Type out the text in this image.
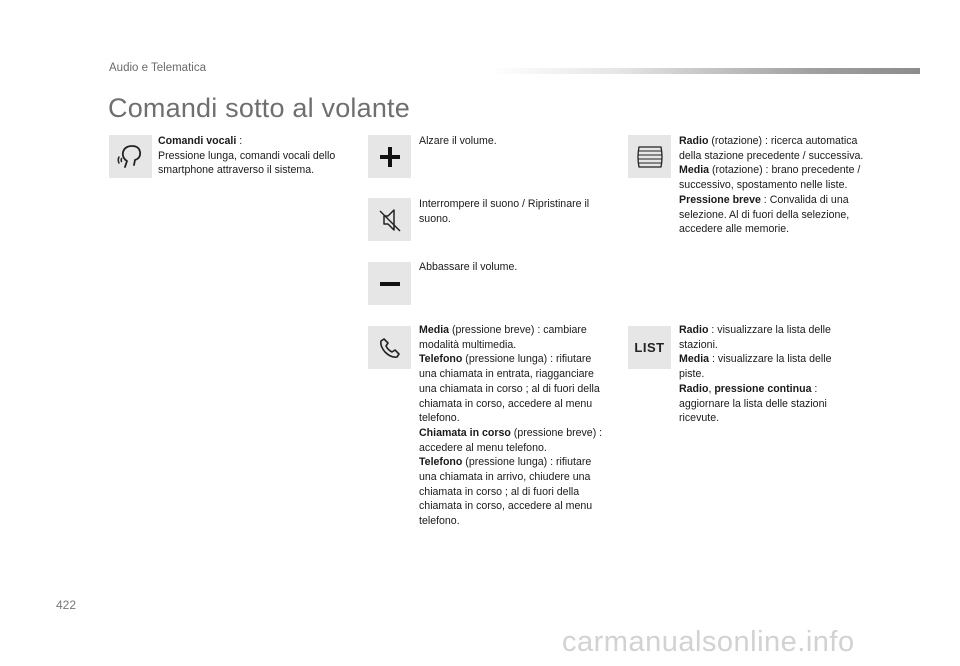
Audio e Telematica
Comandi sotto al volante

Comandi vocali :

Pressione lunga, comandi vocali dello smartphone attraverso il sistema.

Alzare il volume.
Interrompere il suono / Ripristinare il suono.
Abbassare il volume.

Media (pressione breve) : cambiare modalità multimedia.

Telefono (pressione lunga) : rifiutare una chiamata in entrata, riagganciare una chiamata in corso ; al di fuori della chiamata in corso, accedere al menu telefono.

Chiamata in corso (pressione breve) : accedere al menu telefono.

Telefono (pressione lunga) : rifiutare una chiamata in arrivo, chiudere una chiamata in corso ; al di fuori della chiamata in corso, accedere al menu telefono.

Radio (rotazione) : ricerca automatica della stazione precedente / successiva.

Media (rotazione) : brano precedente / successivo, spostamento nelle liste.

Pressione breve : Convalida di una selezione. Al di fuori della selezione, accedere alle memorie.

LIST

Radio : visualizzare la lista delle stazioni.

Media : visualizzare la lista delle piste.

Radio, pressione continua : aggiornare la lista delle stazioni ricevute.

422
carmanualsonline.info
